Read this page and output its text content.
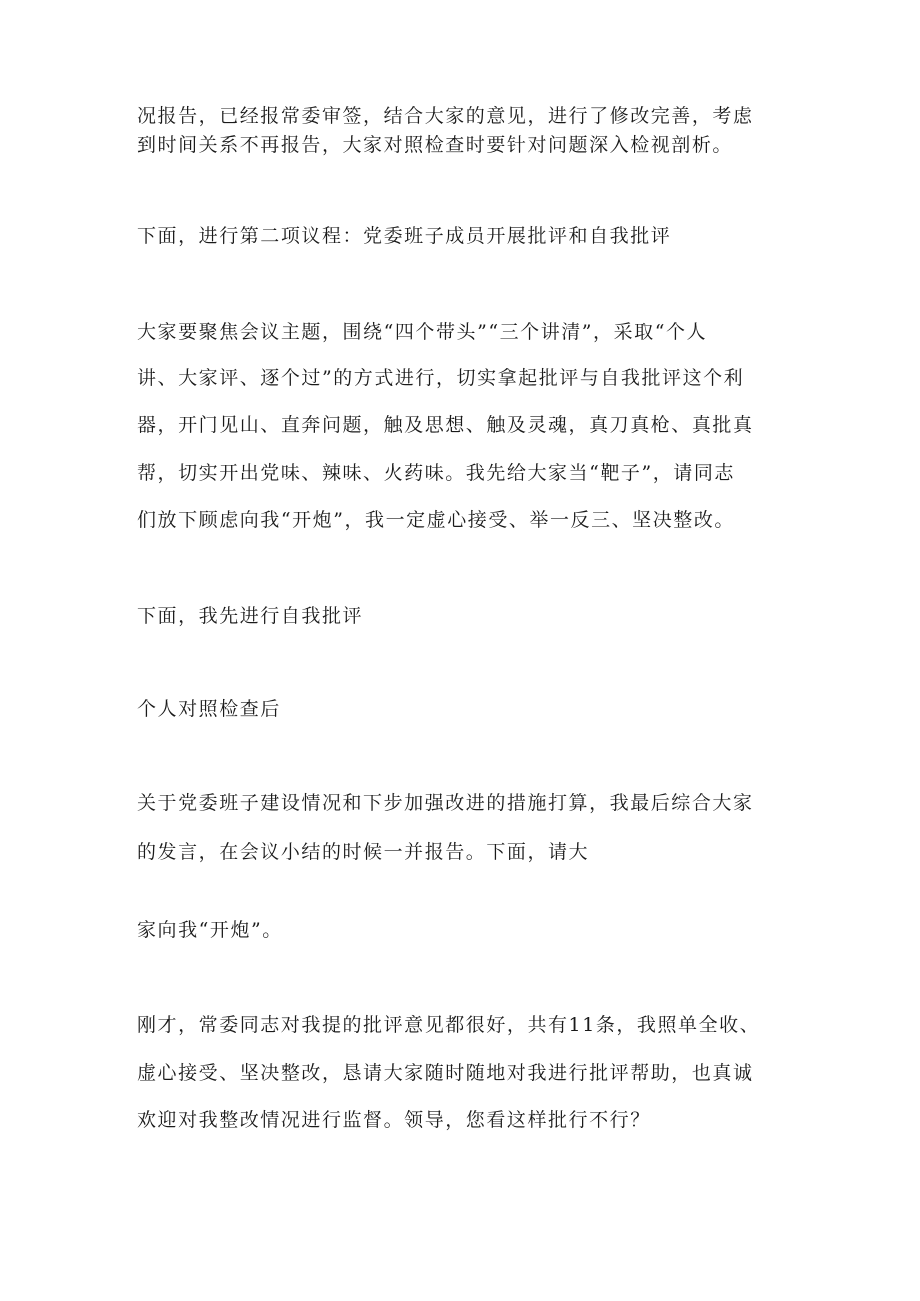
况报告，已经报常委审签，结合大家的意见，进行了修改完善，考虑

到时间关系不再报告，大家对照检查时要针对问题深入检视剖析。

下面，进行第二项议程：党委班子成员开展批评和自我批评

大家要聚焦会议主题，围绕“四个带头”“三个讲清”，采取“个人

讲、大家评、逐个过”的方式进行，切实拿起批评与自我批评这个利

器，开门见山、直奔问题，触及思想、触及灵魂，真刀真枪、真批真

帮，切实开出党味、辣味、火药味。我先给大家当“靶子”，请同志

们放下顾虑向我“开炮”，我一定虚心接受、举一反三、坚决整改。

下面，我先进行自我批评

个人对照检查后

关于党委班子建设情况和下步加强改进的措施打算，我最后综合大家

的发言，在会议小结的时候一并报告。下面，请大

家向我“开炮”。

刚才，常委同志对我提的批评意见都很好，共有11条，我照单全收、

虚心接受、坚决整改，恳请大家随时随地对我进行批评帮助，也真诚

欢迎对我整改情况进行监督。领导，您看这样批行不行？
